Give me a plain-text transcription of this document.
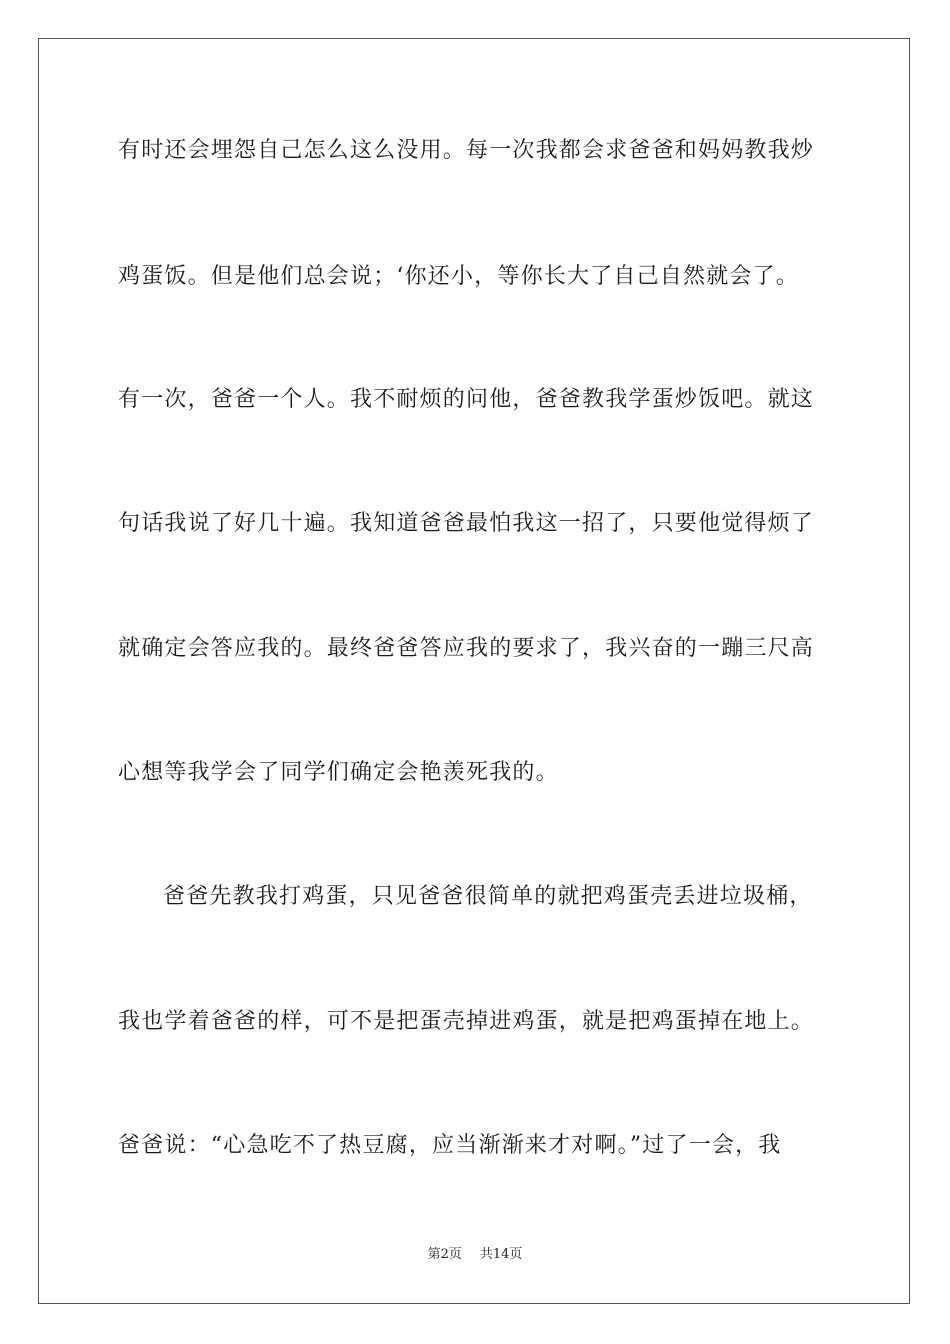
有时还会埋怨自己怎么这么没用。每一次我都会求爸爸和妈妈教我炒
鸡蛋饭。但是他们总会说；‘你还小，等你长大了自己自然就会了。
有一次，爸爸一个人。我不耐烦的问他，爸爸教我学蛋炒饭吧。就这
句话我说了好几十遍。我知道爸爸最怕我这一招了，只要他觉得烦了
就确定会答应我的。最终爸爸答应我的要求了，我兴奋的一蹦三尺高
心想等我学会了同学们确定会艳羡死我的。
爸爸先教我打鸡蛋，只见爸爸很简单的就把鸡蛋壳丢进垃圾桶，
我也学着爸爸的样，可不是把蛋壳掉进鸡蛋，就是把鸡蛋掉在地上。
爸爸说：“心急吃不了热豆腐，应当渐渐来才对啊。”过了一会，我
第2页 共14页
